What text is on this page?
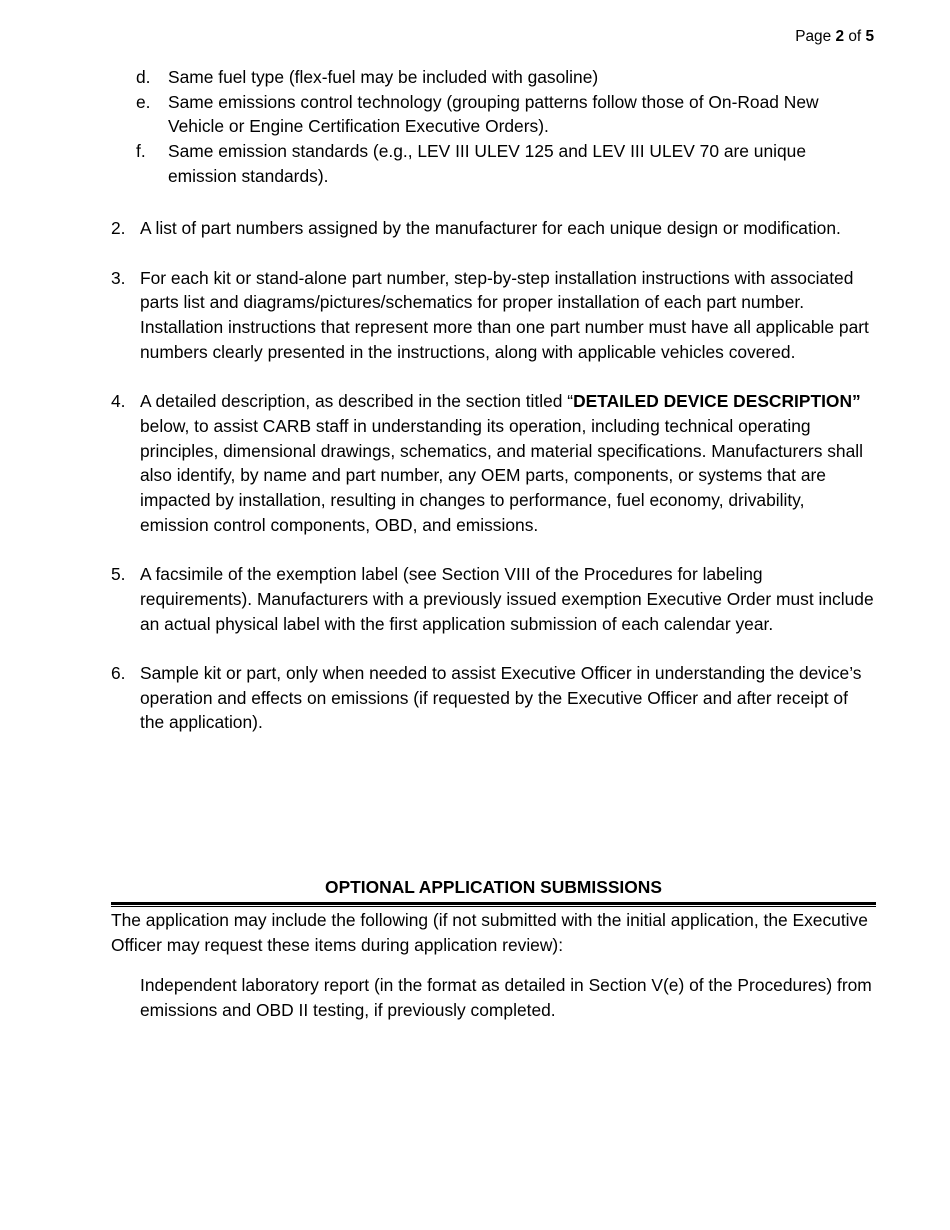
Page 2 of 5
d. Same fuel type (flex-fuel may be included with gasoline)
e. Same emissions control technology (grouping patterns follow those of On-Road New Vehicle or Engine Certification Executive Orders).
f. Same emission standards (e.g., LEV III ULEV 125 and LEV III ULEV 70 are unique emission standards).
2. A list of part numbers assigned by the manufacturer for each unique design or modification.
3. For each kit or stand-alone part number, step-by-step installation instructions with associated parts list and diagrams/pictures/schematics for proper installation of each part number. Installation instructions that represent more than one part number must have all applicable part numbers clearly presented in the instructions, along with applicable vehicles covered.
4. A detailed description, as described in the section titled “DETAILED DEVICE DESCRIPTION” below, to assist CARB staff in understanding its operation, including technical operating principles, dimensional drawings, schematics, and material specifications. Manufacturers shall also identify, by name and part number, any OEM parts, components, or systems that are impacted by installation, resulting in changes to performance, fuel economy, drivability, emission control components, OBD, and emissions.
5. A facsimile of the exemption label (see Section VIII of the Procedures for labeling requirements). Manufacturers with a previously issued exemption Executive Order must include an actual physical label with the first application submission of each calendar year.
6. Sample kit or part, only when needed to assist Executive Officer in understanding the device’s operation and effects on emissions (if requested by the Executive Officer and after receipt of the application).
OPTIONAL APPLICATION SUBMISSIONS
The application may include the following (if not submitted with the initial application, the Executive Officer may request these items during application review):
Independent laboratory report (in the format as detailed in Section V(e) of the Procedures) from emissions and OBD II testing, if previously completed.
